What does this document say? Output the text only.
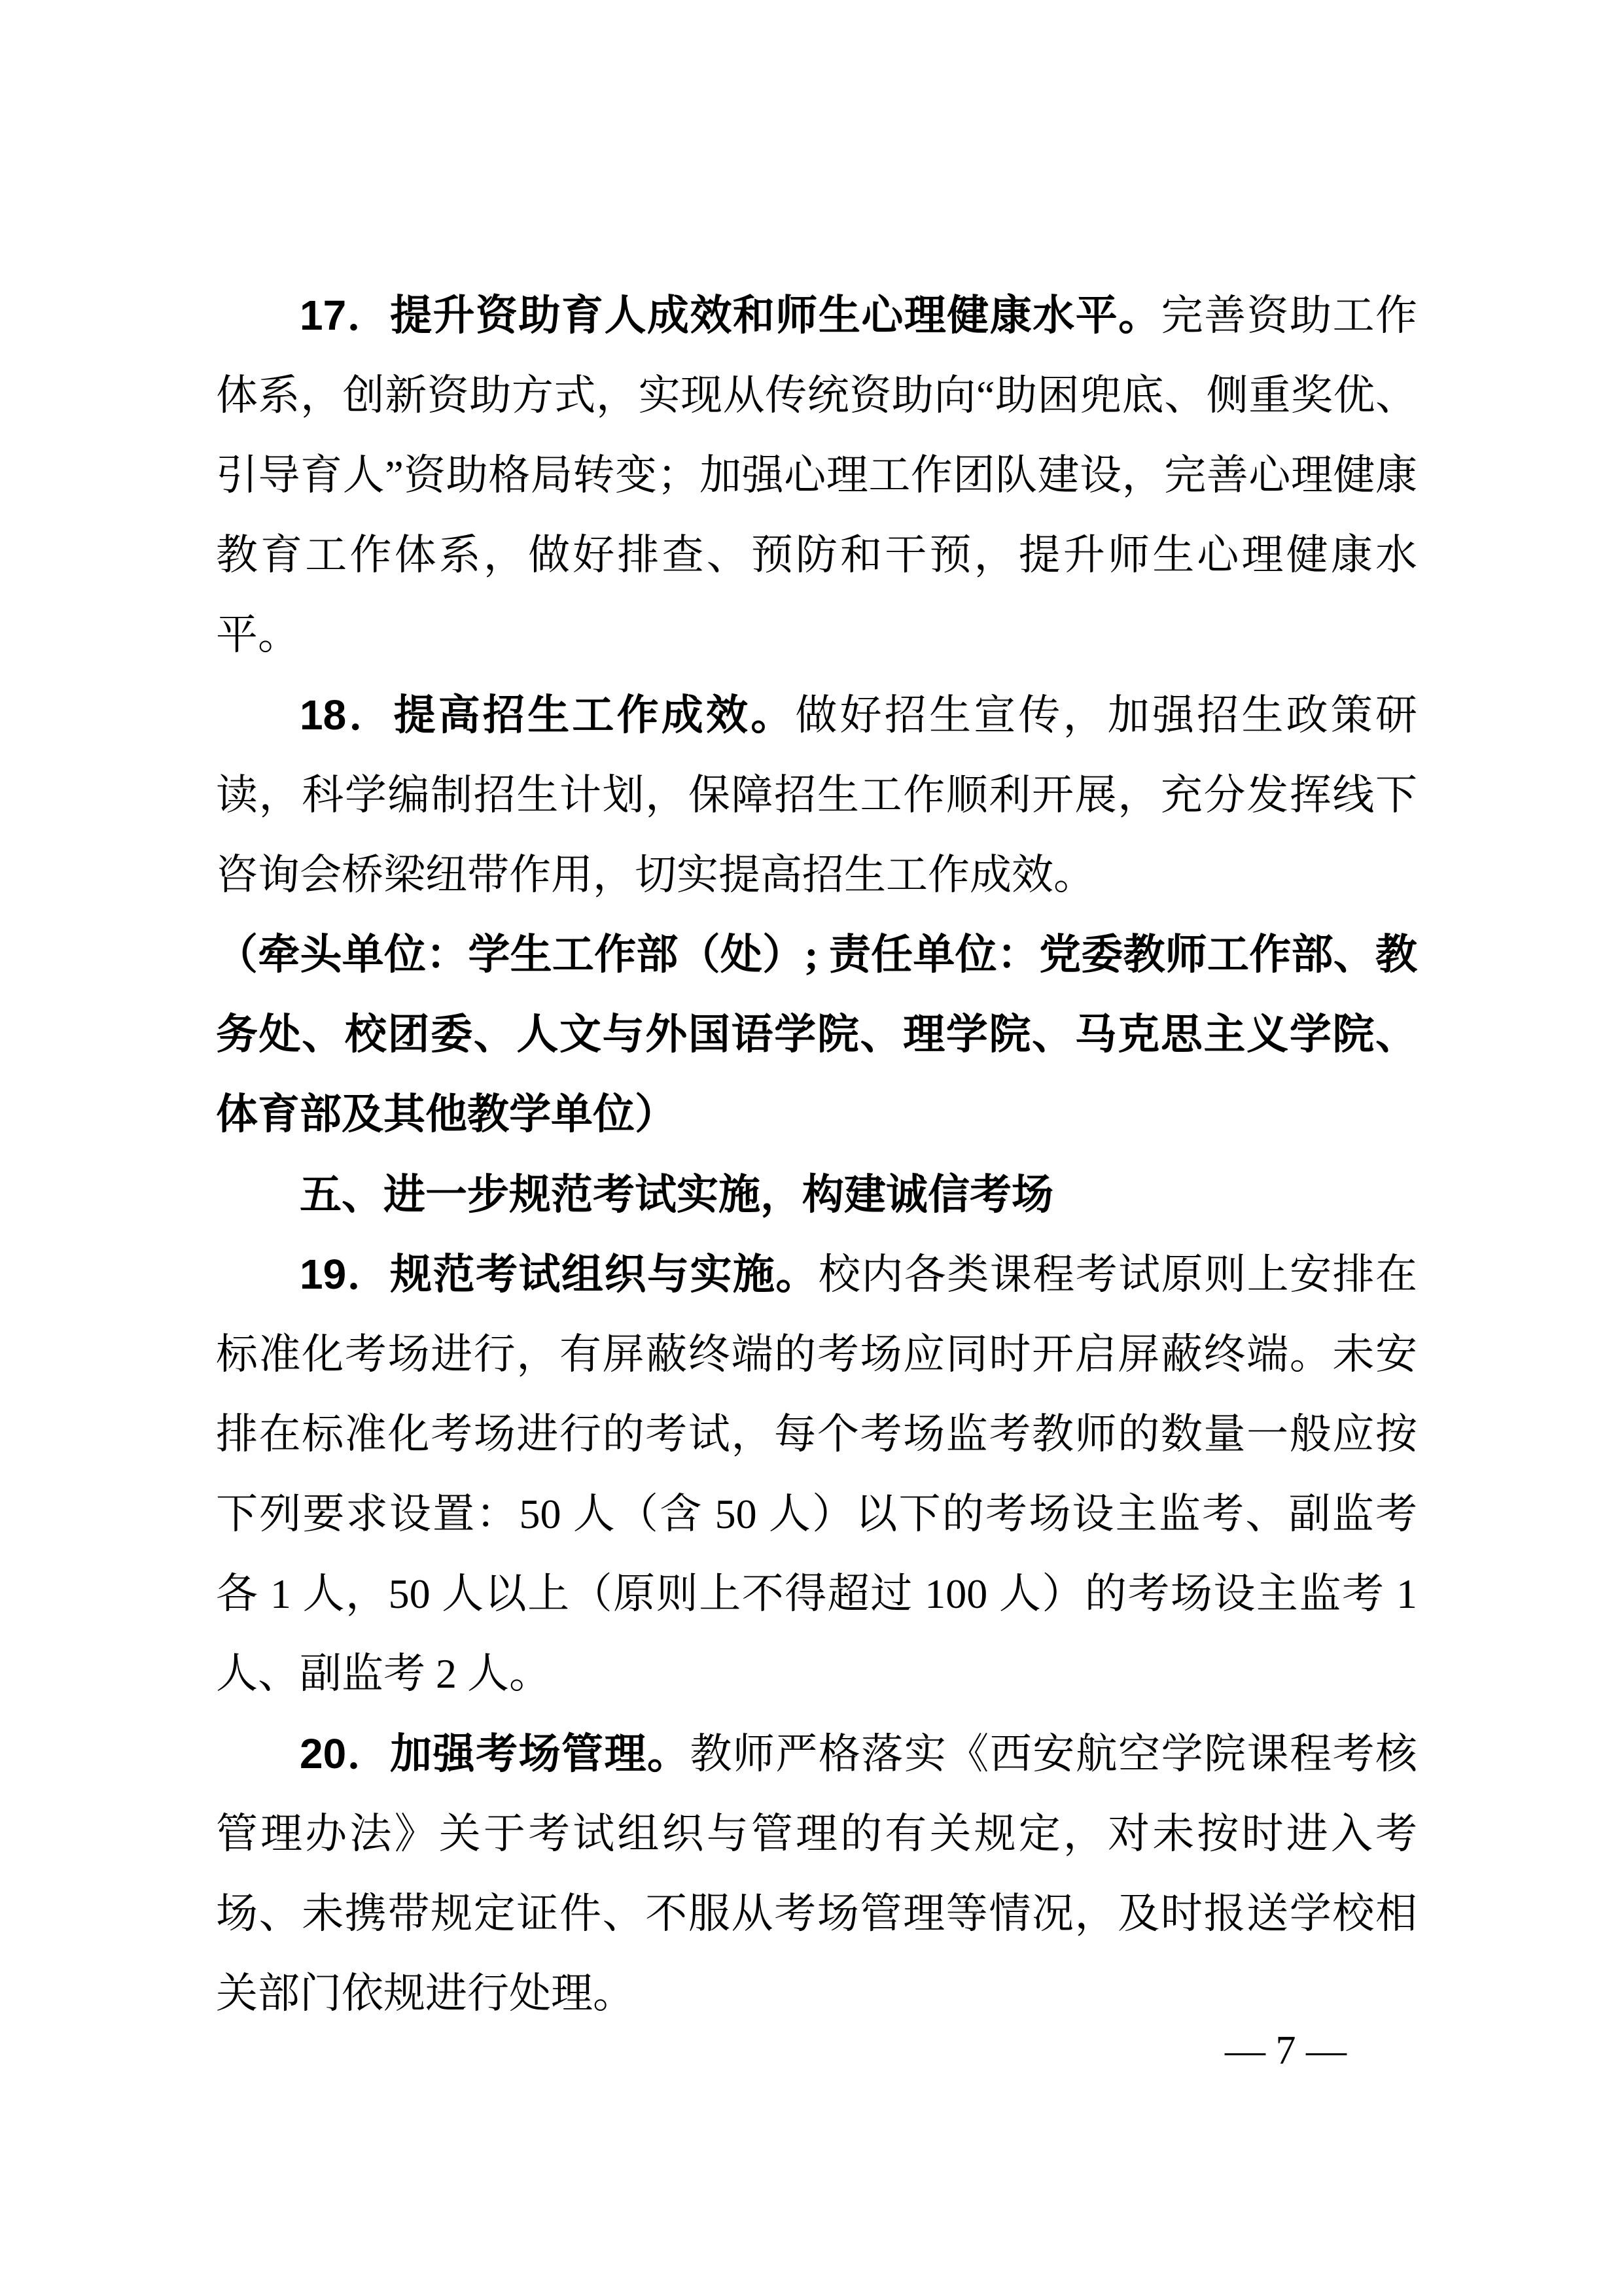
17．提升资助育人成效和师生心理健康水平。完善资助工作体系，创新资助方式，实现从传统资助向“助困兜底、侧重奖优、引导育人”资助格局转变；加强心理工作团队建设，完善心理健康教育工作体系，做好排查、预防和干预，提升师生心理健康水平。

18．提高招生工作成效。做好招生宣传，加强招生政策研读，科学编制招生计划，保障招生工作顺利开展，充分发挥线下咨询会桥梁纽带作用，切实提高招生工作成效。

（牵头单位：学生工作部（处）; 责任单位：党委教师工作部、教务处、校团委、人文与外国语学院、理学院、马克思主义学院、体育部及其他教学单位）

五、进一步规范考试实施，构建诚信考场

19．规范考试组织与实施。校内各类课程考试原则上安排在标准化考场进行，有屏蔽终端的考场应同时开启屏蔽终端。未安排在标准化考场进行的考试，每个考场监考教师的数量一般应按下列要求设置：50 人（含 50 人）以下的考场设主监考、副监考各 1 人，50 人以上（原则上不得超过 100 人）的考场设主监考 1 人、副监考 2 人。

20．加强考场管理。教师严格落实《西安航空学院课程考核管理办法》关于考试组织与管理的有关规定，对未按时进入考场、未携带规定证件、不服从考场管理等情况，及时报送学校相关部门依规进行处理。

— 7 —
